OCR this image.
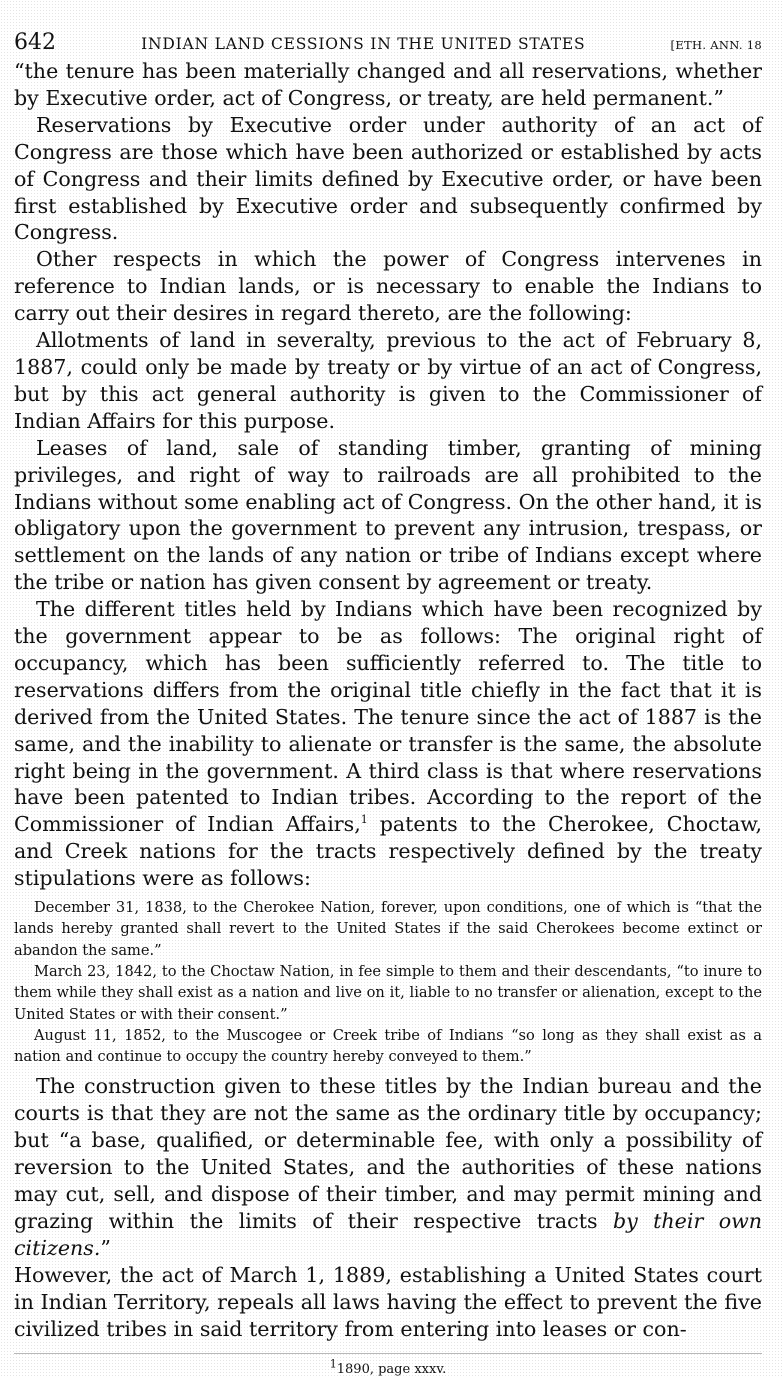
642	INDIAN LAND CESSIONS IN THE UNITED STATES	[ETH. ANN. 18

“the tenure has been materially changed and all reservations, whether by Executive order, act of Congress, or treaty, are held permanent.”

Reservations by Executive order under authority of an act of Congress are those which have been authorized or established by acts of Congress and their limits defined by Executive order, or have been first established by Executive order and subsequently confirmed by Congress.

Other respects in which the power of Congress intervenes in reference to Indian lands, or is necessary to enable the Indians to carry out their desires in regard thereto, are the following:

Allotments of land in severalty, previous to the act of February 8, 1887, could only be made by treaty or by virtue of an act of Congress, but by this act general authority is given to the Commissioner of Indian Affairs for this purpose.

Leases of land, sale of standing timber, granting of mining privileges, and right of way to railroads are all prohibited to the Indians without some enabling act of Congress. On the other hand, it is obligatory upon the government to prevent any intrusion, trespass, or settlement on the lands of any nation or tribe of Indians except where the tribe or nation has given consent by agreement or treaty.

The different titles held by Indians which have been recognized by the government appear to be as follows: The original right of occupancy, which has been sufficiently referred to. The title to reservations differs from the original title chiefly in the fact that it is derived from the United States. The tenure since the act of 1887 is the same, and the inability to alienate or transfer is the same, the absolute right being in the government. A third class is that where reservations have been patented to Indian tribes. According to the report of the Commissioner of Indian Affairs,$^1$ patents to the Cherokee, Choctaw, and Creek nations for the tracts respectively defined by the treaty stipulations were as follows:

December 31, 1838, to the Cherokee Nation, forever, upon conditions, one of which is “that the lands hereby granted shall revert to the United States if the said Cherokees become extinct or abandon the same.”

March 23, 1842, to the Choctaw Nation, in fee simple to them and their descendants, “to inure to them while they shall exist as a nation and live on it, liable to no transfer or alienation, except to the United States or with their consent.”

August 11, 1852, to the Muscogee or Creek tribe of Indians “so long as they shall exist as a nation and continue to occupy the country hereby conveyed to them.”

The construction given to these titles by the Indian bureau and the courts is that they are not the same as the ordinary title by occupancy; but “a base, qualified, or determinable fee, with only a possibility of reversion to the United States, and the authorities of these nations may cut, sell, and dispose of their timber, and may permit mining and grazing within the limits of their respective tracts by their own citizens.”

However, the act of March 1, 1889, establishing a United States court in Indian Territory, repeals all laws having the effect to prevent the five civilized tribes in said territory from entering into leases or con-

$^1$1890, page xxxv.
